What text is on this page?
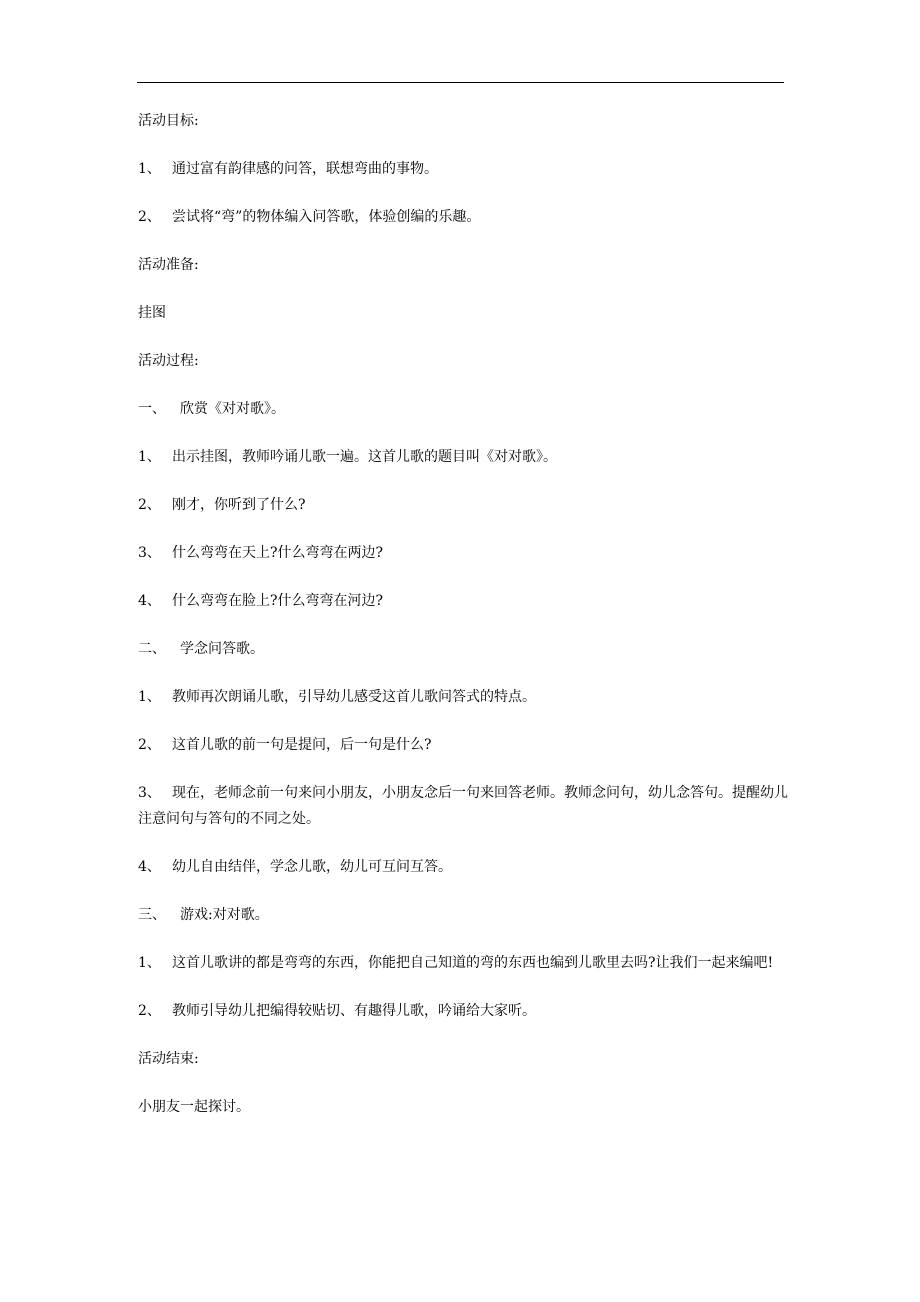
活动目标:

1、 通过富有韵律感的问答，联想弯曲的事物。

2、 尝试将“弯”的物体编入问答歌，体验创编的乐趣。

活动准备:

挂图

活动过程:

一、 欣赏《对对歌》。

1、 出示挂图，教师吟诵儿歌一遍。这首儿歌的题目叫《对对歌》。

2、 刚才，你听到了什么?

3、 什么弯弯在天上?什么弯弯在两边?

4、 什么弯弯在脸上?什么弯弯在河边?

二、 学念问答歌。

1、 教师再次朗诵儿歌，引导幼儿感受这首儿歌问答式的特点。

2、 这首儿歌的前一句是提问，后一句是什么?

3、 现在，老师念前一句来问小朋友，小朋友念后一句来回答老师。教师念问句，幼儿念答句。提醒幼儿注意问句与答句的不同之处。

4、 幼儿自由结伴，学念儿歌，幼儿可互问互答。

三、 游戏:对对歌。

1、 这首儿歌讲的都是弯弯的东西，你能把自己知道的弯的东西也编到儿歌里去吗?让我们一起来编吧!

2、 教师引导幼儿把编得较贴切、有趣得儿歌，吟诵给大家听。

活动结束:

小朋友一起探讨。
